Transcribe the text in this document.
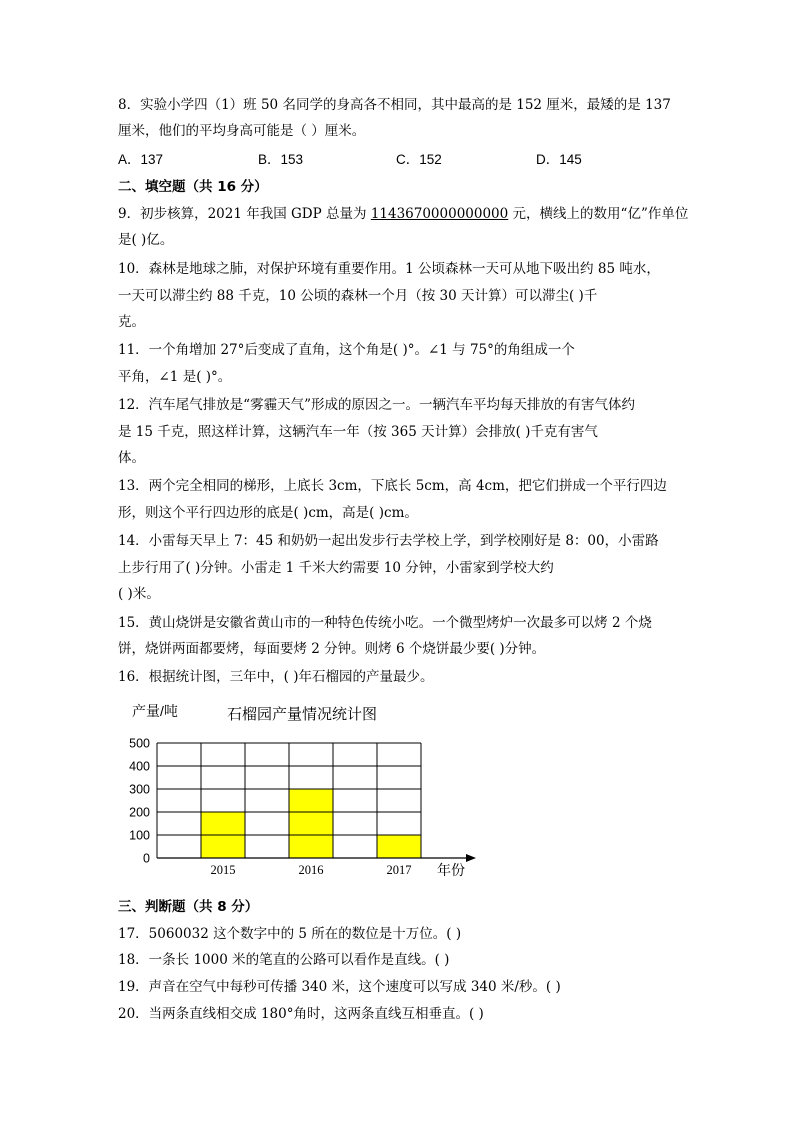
8．实验小学四（1）班 50 名同学的身高各不相同，其中最高的是 152 厘米，最矮的是 137
厘米，他们的平均身高可能是（ ）厘米。
A．137	B．153	C．152	D．145
二、填空题（共 16 分）
9．初步核算，2021 年我国 GDP 总量为 1143670000000000 元，横线上的数用“亿”作单位
是( )亿。
10．森林是地球之肺，对保护环境有重要作用。1 公顷森林一天可从地下吸出约 85 吨水，
一天可以滞尘约 88 千克，10 公顷的森林一个月（按 30 天计算）可以滞尘( )千
克。
11．一个角增加 27°后变成了直角，这个角是( )°。∠1 与 75°的角组成一个
平角，∠1 是( )°。
12．汽车尾气排放是“雾霾天气”形成的原因之一。一辆汽车平均每天排放的有害气体约
是 15 千克，照这样计算，这辆汽车一年（按 365 天计算）会排放( )千克有害气
体。
13．两个完全相同的梯形，上底长 3cm，下底长 5cm，高 4cm，把它们拼成一个平行四边
形，则这个平行四边形的底是( )cm，高是( )cm。
14．小雷每天早上 7：45 和奶奶一起出发步行去学校上学，到学校刚好是 8：00，小雷路
上步行用了( )分钟。小雷走 1 千米大约需要 10 分钟，小雷家到学校大约
( )米。
15．黄山烧饼是安徽省黄山市的一种特色传统小吃。一个微型烤炉一次最多可以烤 2 个烧
饼，烧饼两面都要烤，每面要烤 2 分钟。则烤 6 个烧饼最少要( )分钟。
16．根据统计图，三年中，( )年石榴园的产量最少。
0
100
200
300
400
500
2015	2016	2017
产量/吨	石榴园产量情况统计图
年份
三、判断题（共 8 分）
17．5060032 这个数字中的 5 所在的数位是十万位。( )
18．一条长 1000 米的笔直的公路可以看作是直线。( )
19．声音在空气中每秒可传播 340 米，这个速度可以写成 340 米/秒。( )
20．当两条直线相交成 180°角时，这两条直线互相垂直。( )
